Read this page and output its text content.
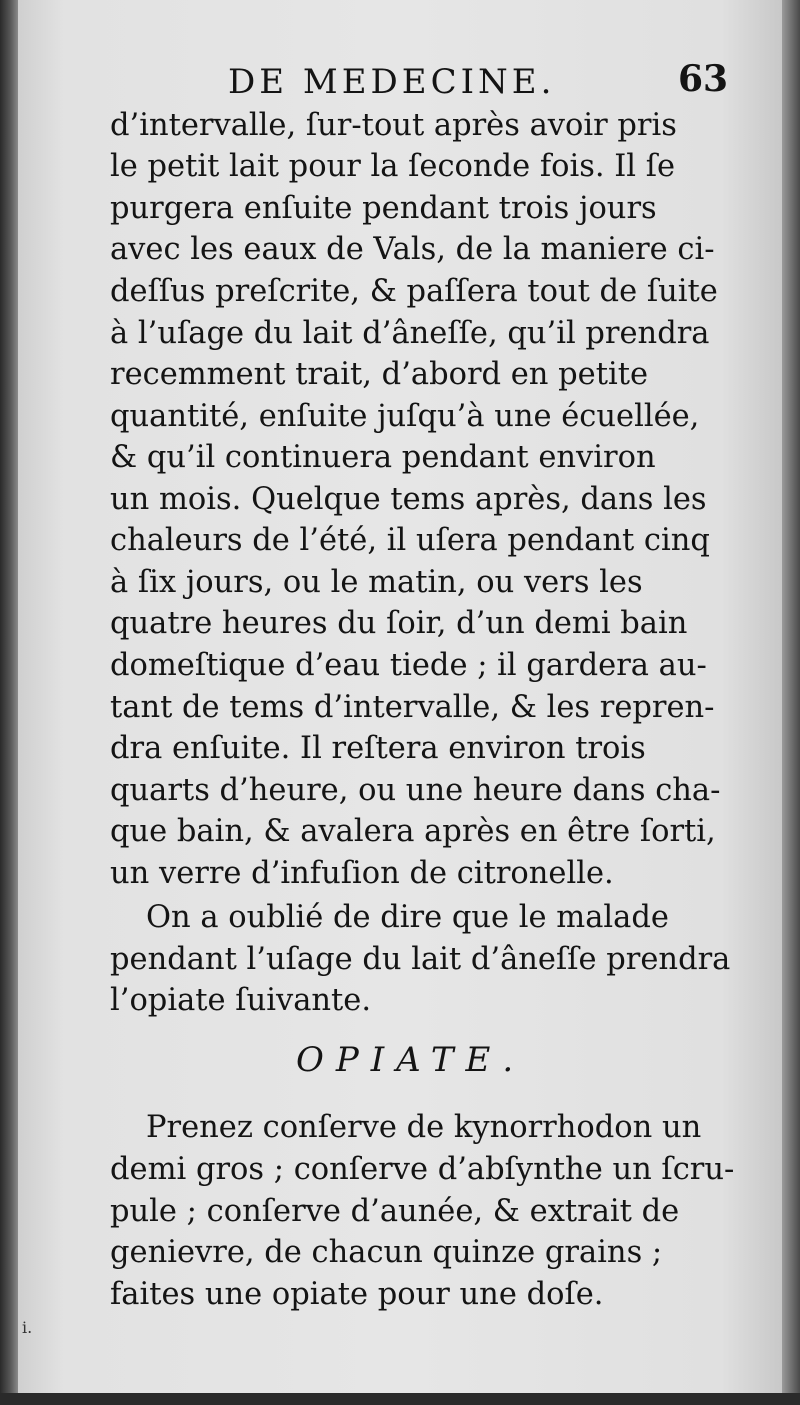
DE MEDECINE.	63
d’intervalle, ſur-tout après avoir pris
le petit lait pour la ſeconde fois. Il ſe
purgera enſuite pendant trois jours
avec les eaux de Vals, de la maniere ci-
deſſus preſcrite, & paſſera tout de ſuite
à l’uſage du lait d’âneſſe, qu’il prendra
recemment trait, d’abord en petite
quantité, enſuite juſqu’à une écuellée,
& qu’il continuera pendant environ
un mois. Quelque tems après, dans les
chaleurs de l’été, il uſera pendant cinq
à ſix jours, ou le matin, ou vers les
quatre heures du ſoir, d’un demi bain
domeſtique d’eau tiede ; il gardera au-
tant de tems d’intervalle, & les repren-
dra enſuite. Il reſtera environ trois
quarts d’heure, ou une heure dans cha-
que bain, & avalera après en être ſorti,
un verre d’infuſion de citronelle.
On a oublié de dire que le malade
pendant l’uſage du lait d’âneſſe prendra
l’opiate ſuivante.
OPIATE.
Prenez conſerve de kynorrhodon un
demi gros ; conſerve d’abſynthe un ſcru-
pule ; conſerve d’aunée, & extrait de
genievre, de chacun quinze grains ;
faites une opiate pour une doſe.
i.
